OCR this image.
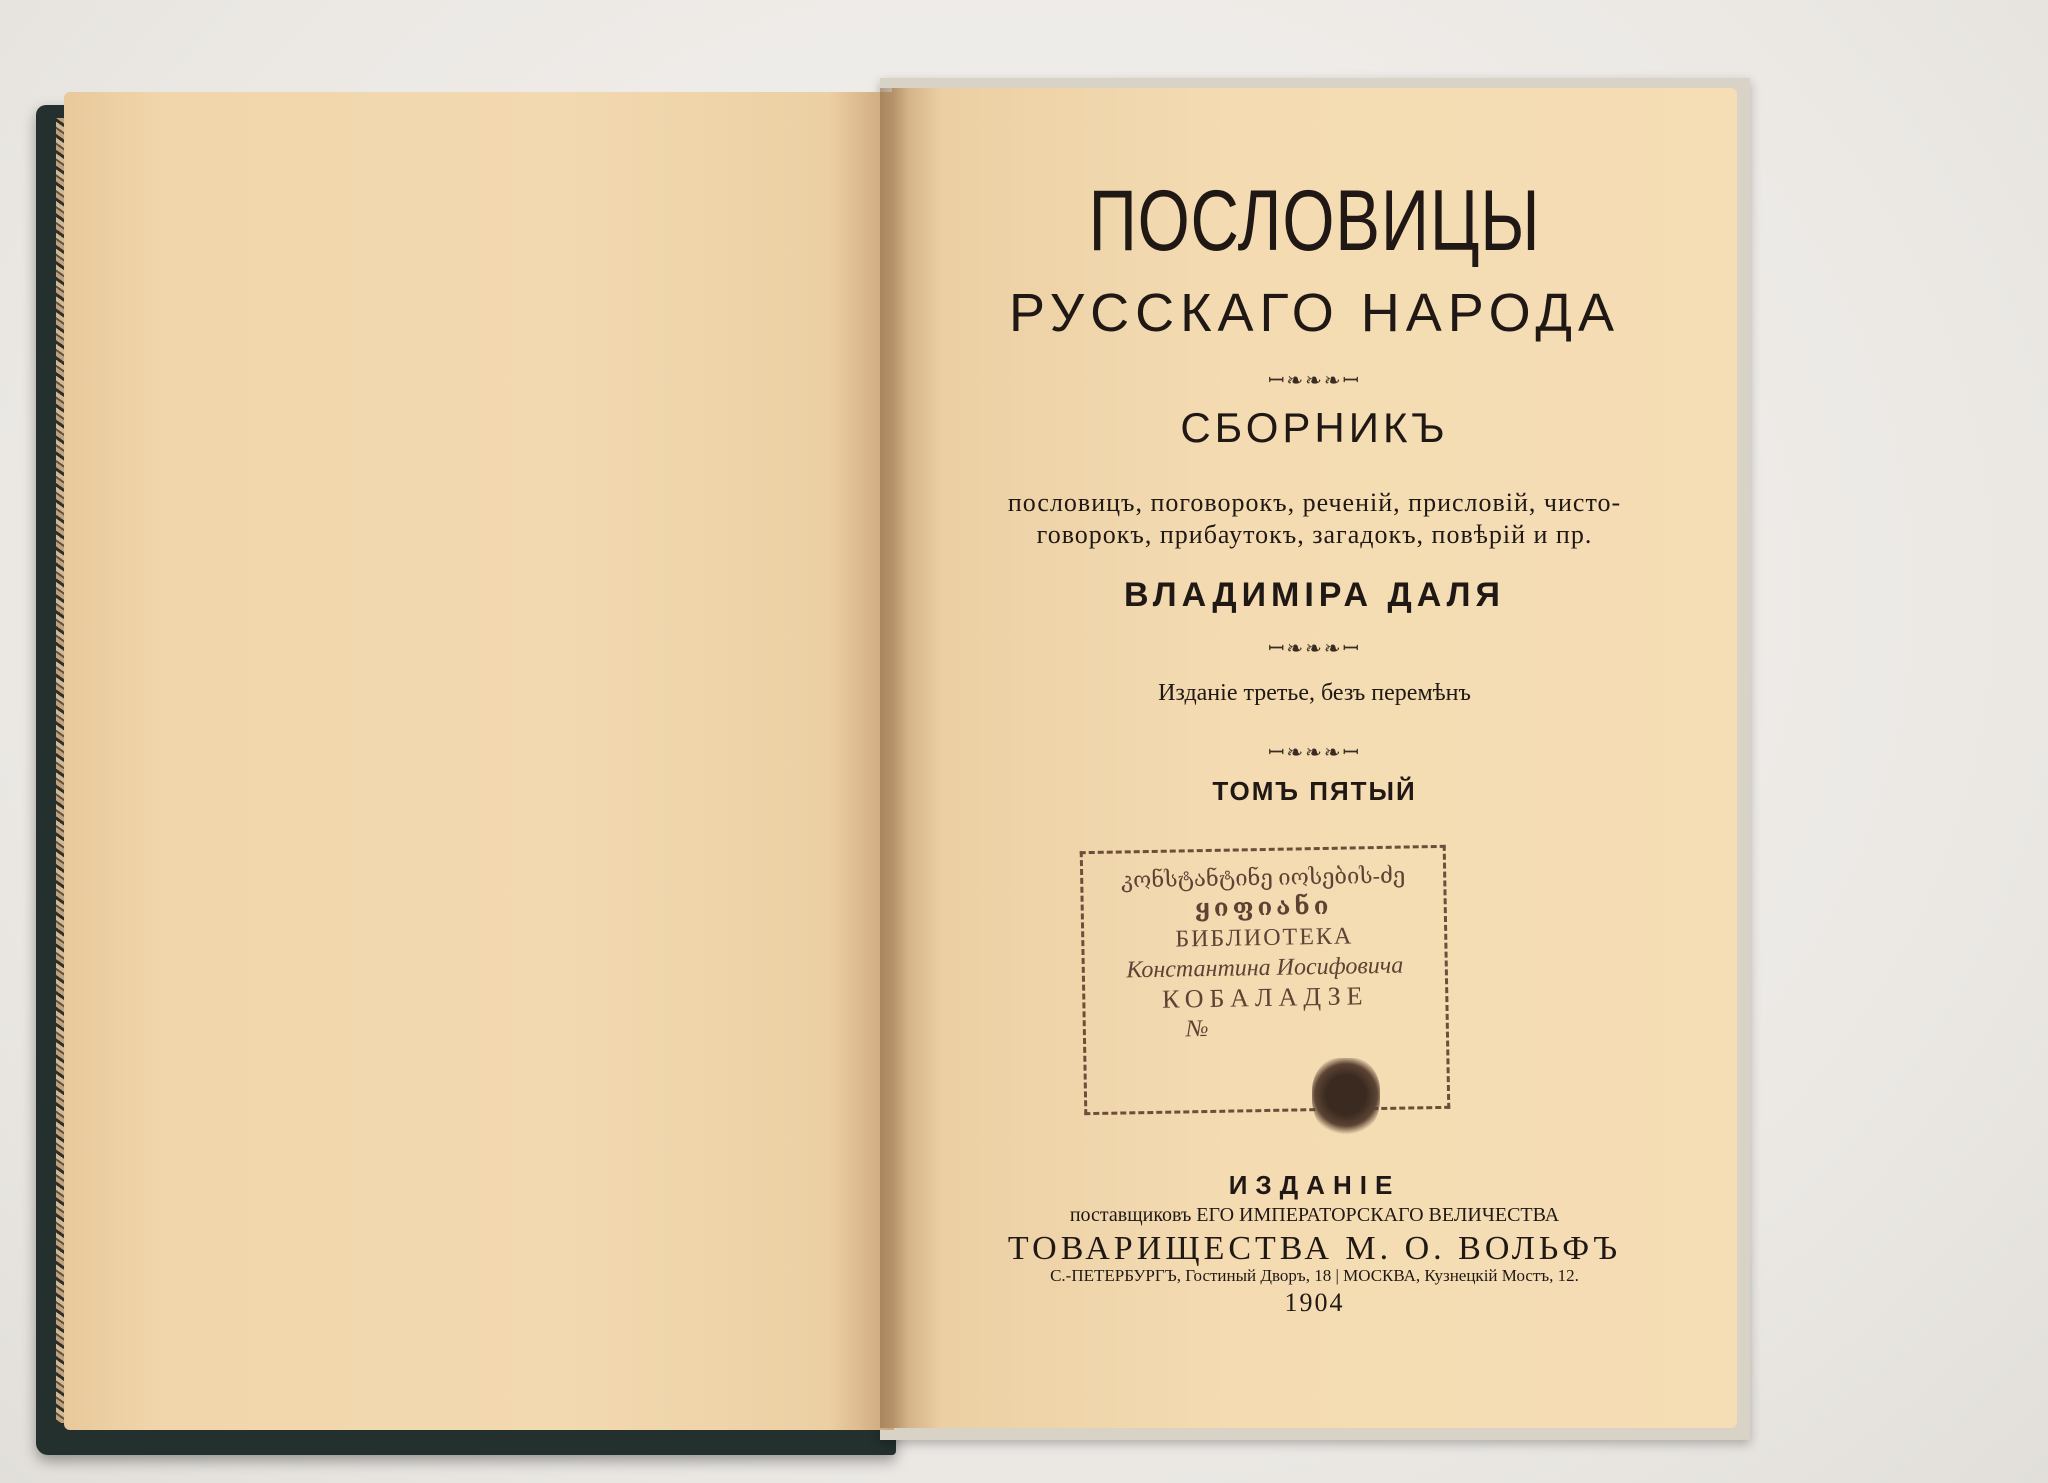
ПОСЛОВИЦЫ
РУССКАГО НАРОДА
ꟷ❧❧❧ꟷ
СБОРНИКЪ
пословицъ, поговорокъ, реченій, присловій, чисто-
говорокъ, прибаутокъ, загадокъ, повѣрій и пр.
ВЛАДИМІРА ДАЛЯ
ꟷ❧❧❧ꟷ
Изданіе третье, безъ перемѣнъ
ꟷ❧❧❧ꟷ
ТОМЪ ПЯТЫЙ
კონსტანტინე იოსების-ძე
ყიფიანი
БИБЛИОТЕКА
Константина Иосифовича
КОБАЛАДЗЕ
№
ИЗДАНІЕ
поставщиковъ ЕГО ИМПЕРАТОРСКАГО ВЕЛИЧЕСТВА
ТОВАРИЩЕСТВА М. О. ВОЛЬФЪ
С.-ПЕТЕРБУРГЪ, Гостиный Дворъ, 18 | МОСКВА, Кузнецкій Мостъ, 12.
1904
